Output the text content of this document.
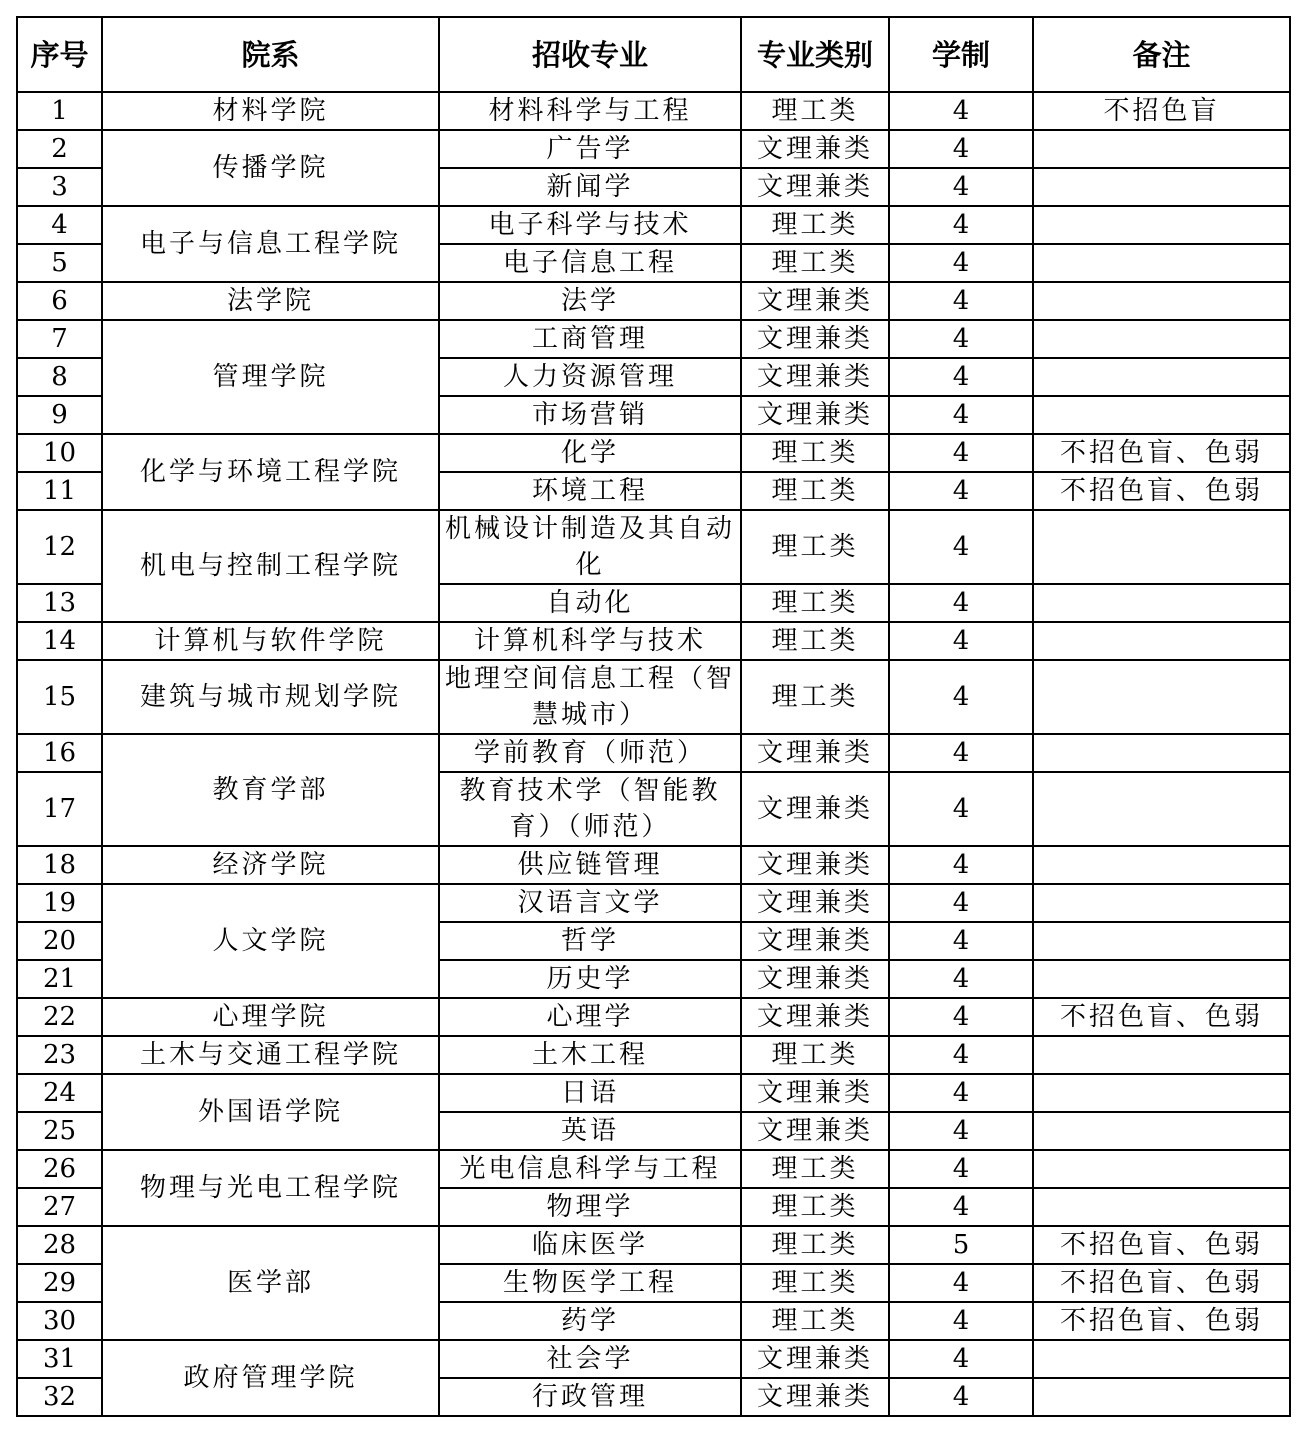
序号	院系	招收专业	专业类别	学制	备注
1	材料学院	材料科学与工程	理工类	4	不招色盲
2	传播学院	广告学	文理兼类	4	
3		新闻学	文理兼类	4	
4	电子与信息工程学院	电子科学与技术	理工类	4	
5		电子信息工程	理工类	4	
6	法学院	法学	文理兼类	4	
7	管理学院	工商管理	文理兼类	4	
8		人力资源管理	文理兼类	4	
9		市场营销	文理兼类	4	
10	化学与环境工程学院	化学	理工类	4	不招色盲、色弱
11		环境工程	理工类	4	不招色盲、色弱
12	机电与控制工程学院	机械设计制造及其自动化	理工类	4	
13		自动化	理工类	4	
14	计算机与软件学院	计算机科学与技术	理工类	4	
15	建筑与城市规划学院	地理空间信息工程（智慧城市）	理工类	4	
16	教育学部	学前教育（师范）	文理兼类	4	
17		教育技术学（智能教育）（师范）	文理兼类	4	
18	经济学院	供应链管理	文理兼类	4	
19	人文学院	汉语言文学	文理兼类	4	
20		哲学	文理兼类	4	
21		历史学	文理兼类	4	
22	心理学院	心理学	文理兼类	4	不招色盲、色弱
23	土木与交通工程学院	土木工程	理工类	4	
24	外国语学院	日语	文理兼类	4	
25		英语	文理兼类	4	
26	物理与光电工程学院	光电信息科学与工程	理工类	4	
27		物理学	理工类	4	
28	医学部	临床医学	理工类	5	不招色盲、色弱
29		生物医学工程	理工类	4	不招色盲、色弱
30		药学	理工类	4	不招色盲、色弱
31	政府管理学院	社会学	文理兼类	4	
32		行政管理	文理兼类	4	
